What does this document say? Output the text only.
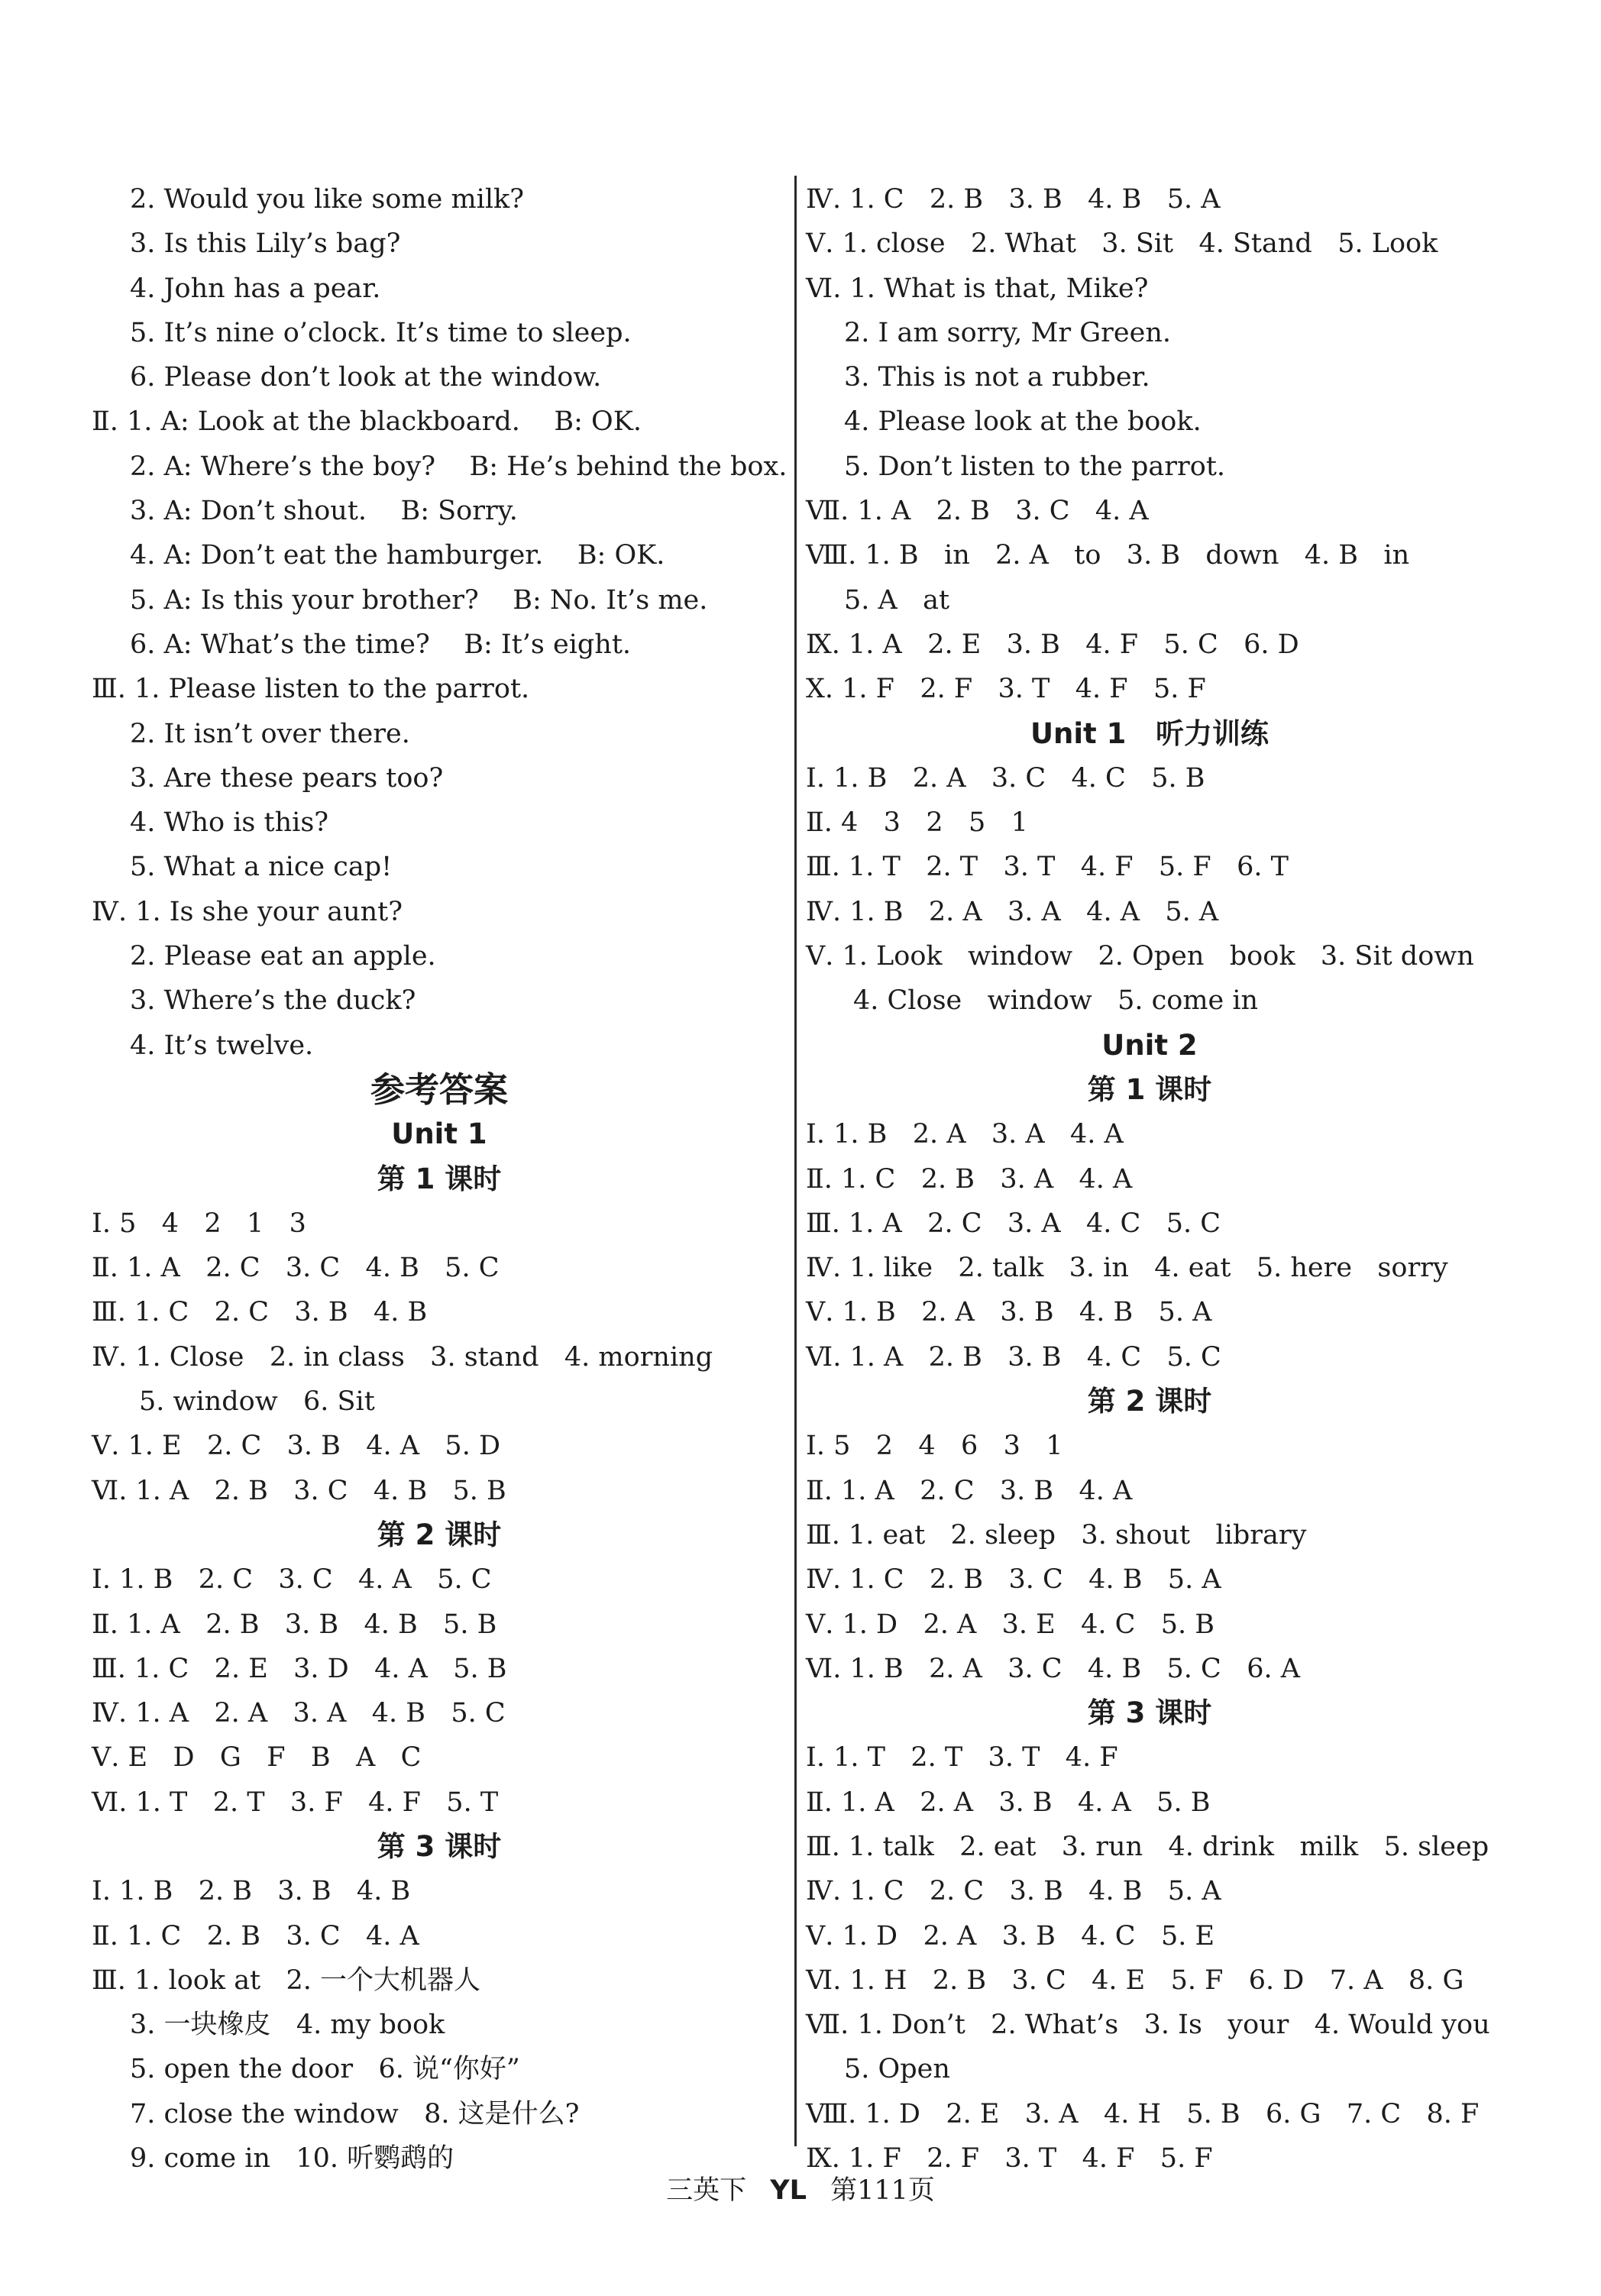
2. Would you like some milk?
3. Is this Lily’s bag?
4. John has a pear.
5. It’s nine o’clock. It’s time to sleep.
6. Please don’t look at the window.
Ⅱ. 1. A: Look at the blackboard.    B: OK.
2. A: Where’s the boy?    B: He’s behind the box.
3. A: Don’t shout.    B: Sorry.
4. A: Don’t eat the hamburger.    B: OK.
5. A: Is this your brother?    B: No. It’s me.
6. A: What’s the time?    B: It’s eight.
Ⅲ. 1. Please listen to the parrot.
2. It isn’t over there.
3. Are these pears too?
4. Who is this?
5. What a nice cap!
Ⅳ. 1. Is she your aunt?
2. Please eat an apple.
3. Where’s the duck?
4. It’s twelve.
参考答案
Unit 1
第 1 课时
Ⅰ. 5   4   2   1   3
Ⅱ. 1. A   2. C   3. C   4. B   5. C
Ⅲ. 1. C   2. C   3. B   4. B
Ⅳ. 1. Close   2. in class   3. stand   4. morning
5. window   6. Sit
Ⅴ. 1. E   2. C   3. B   4. A   5. D
Ⅵ. 1. A   2. B   3. C   4. B   5. B
第 2 课时
Ⅰ. 1. B   2. C   3. C   4. A   5. C
Ⅱ. 1. A   2. B   3. B   4. B   5. B
Ⅲ. 1. C   2. E   3. D   4. A   5. B
Ⅳ. 1. A   2. A   3. A   4. B   5. C
Ⅴ. E   D   G   F   B   A   C
Ⅵ. 1. T   2. T   3. F   4. F   5. T
第 3 课时
Ⅰ. 1. B   2. B   3. B   4. B
Ⅱ. 1. C   2. B   3. C   4. A
Ⅲ. 1. look at   2. 一个大机器人
3. 一块橡皮   4. my book
5. open the door   6. 说“你好”
7. close the window   8. 这是什么?
9. come in   10. 听鹦鹉的
Ⅳ. 1. C   2. B   3. B   4. B   5. A
Ⅴ. 1. close   2. What   3. Sit   4. Stand   5. Look
Ⅵ. 1. What is that, Mike?
2. I am sorry, Mr Green.
3. This is not a rubber.
4. Please look at the book.
5. Don’t listen to the parrot.
Ⅶ. 1. A   2. B   3. C   4. A
Ⅷ. 1. B   in   2. A   to   3. B   down   4. B   in
5. A   at
Ⅸ. 1. A   2. E   3. B   4. F   5. C   6. D
Ⅹ. 1. F   2. F   3. T   4. F   5. F
Unit 1   听力训练
Ⅰ. 1. B   2. A   3. C   4. C   5. B
Ⅱ. 4   3   2   5   1
Ⅲ. 1. T   2. T   3. T   4. F   5. F   6. T
Ⅳ. 1. B   2. A   3. A   4. A   5. A
Ⅴ. 1. Look   window   2. Open   book   3. Sit down
4. Close   window   5. come in
Unit 2
第 1 课时
Ⅰ. 1. B   2. A   3. A   4. A
Ⅱ. 1. C   2. B   3. A   4. A
Ⅲ. 1. A   2. C   3. A   4. C   5. C
Ⅳ. 1. like   2. talk   3. in   4. eat   5. here   sorry
Ⅴ. 1. B   2. A   3. B   4. B   5. A
Ⅵ. 1. A   2. B   3. B   4. C   5. C
第 2 课时
Ⅰ. 5   2   4   6   3   1
Ⅱ. 1. A   2. C   3. B   4. A
Ⅲ. 1. eat   2. sleep   3. shout   library
Ⅳ. 1. C   2. B   3. C   4. B   5. A
Ⅴ. 1. D   2. A   3. E   4. C   5. B
Ⅵ. 1. B   2. A   3. C   4. B   5. C   6. A
第 3 课时
Ⅰ. 1. T   2. T   3. T   4. F
Ⅱ. 1. A   2. A   3. B   4. A   5. B
Ⅲ. 1. talk   2. eat   3. run   4. drink   milk   5. sleep
Ⅳ. 1. C   2. C   3. B   4. B   5. A
Ⅴ. 1. D   2. A   3. B   4. C   5. E
Ⅵ. 1. H   2. B   3. C   4. E   5. F   6. D   7. A   8. G
Ⅶ. 1. Don’t   2. What’s   3. Is   your   4. Would you
5. Open
Ⅷ. 1. D   2. E   3. A   4. H   5. B   6. G   7. C   8. F
Ⅸ. 1. F   2. F   3. T   4. F   5. F
三英下 YL 第111页
